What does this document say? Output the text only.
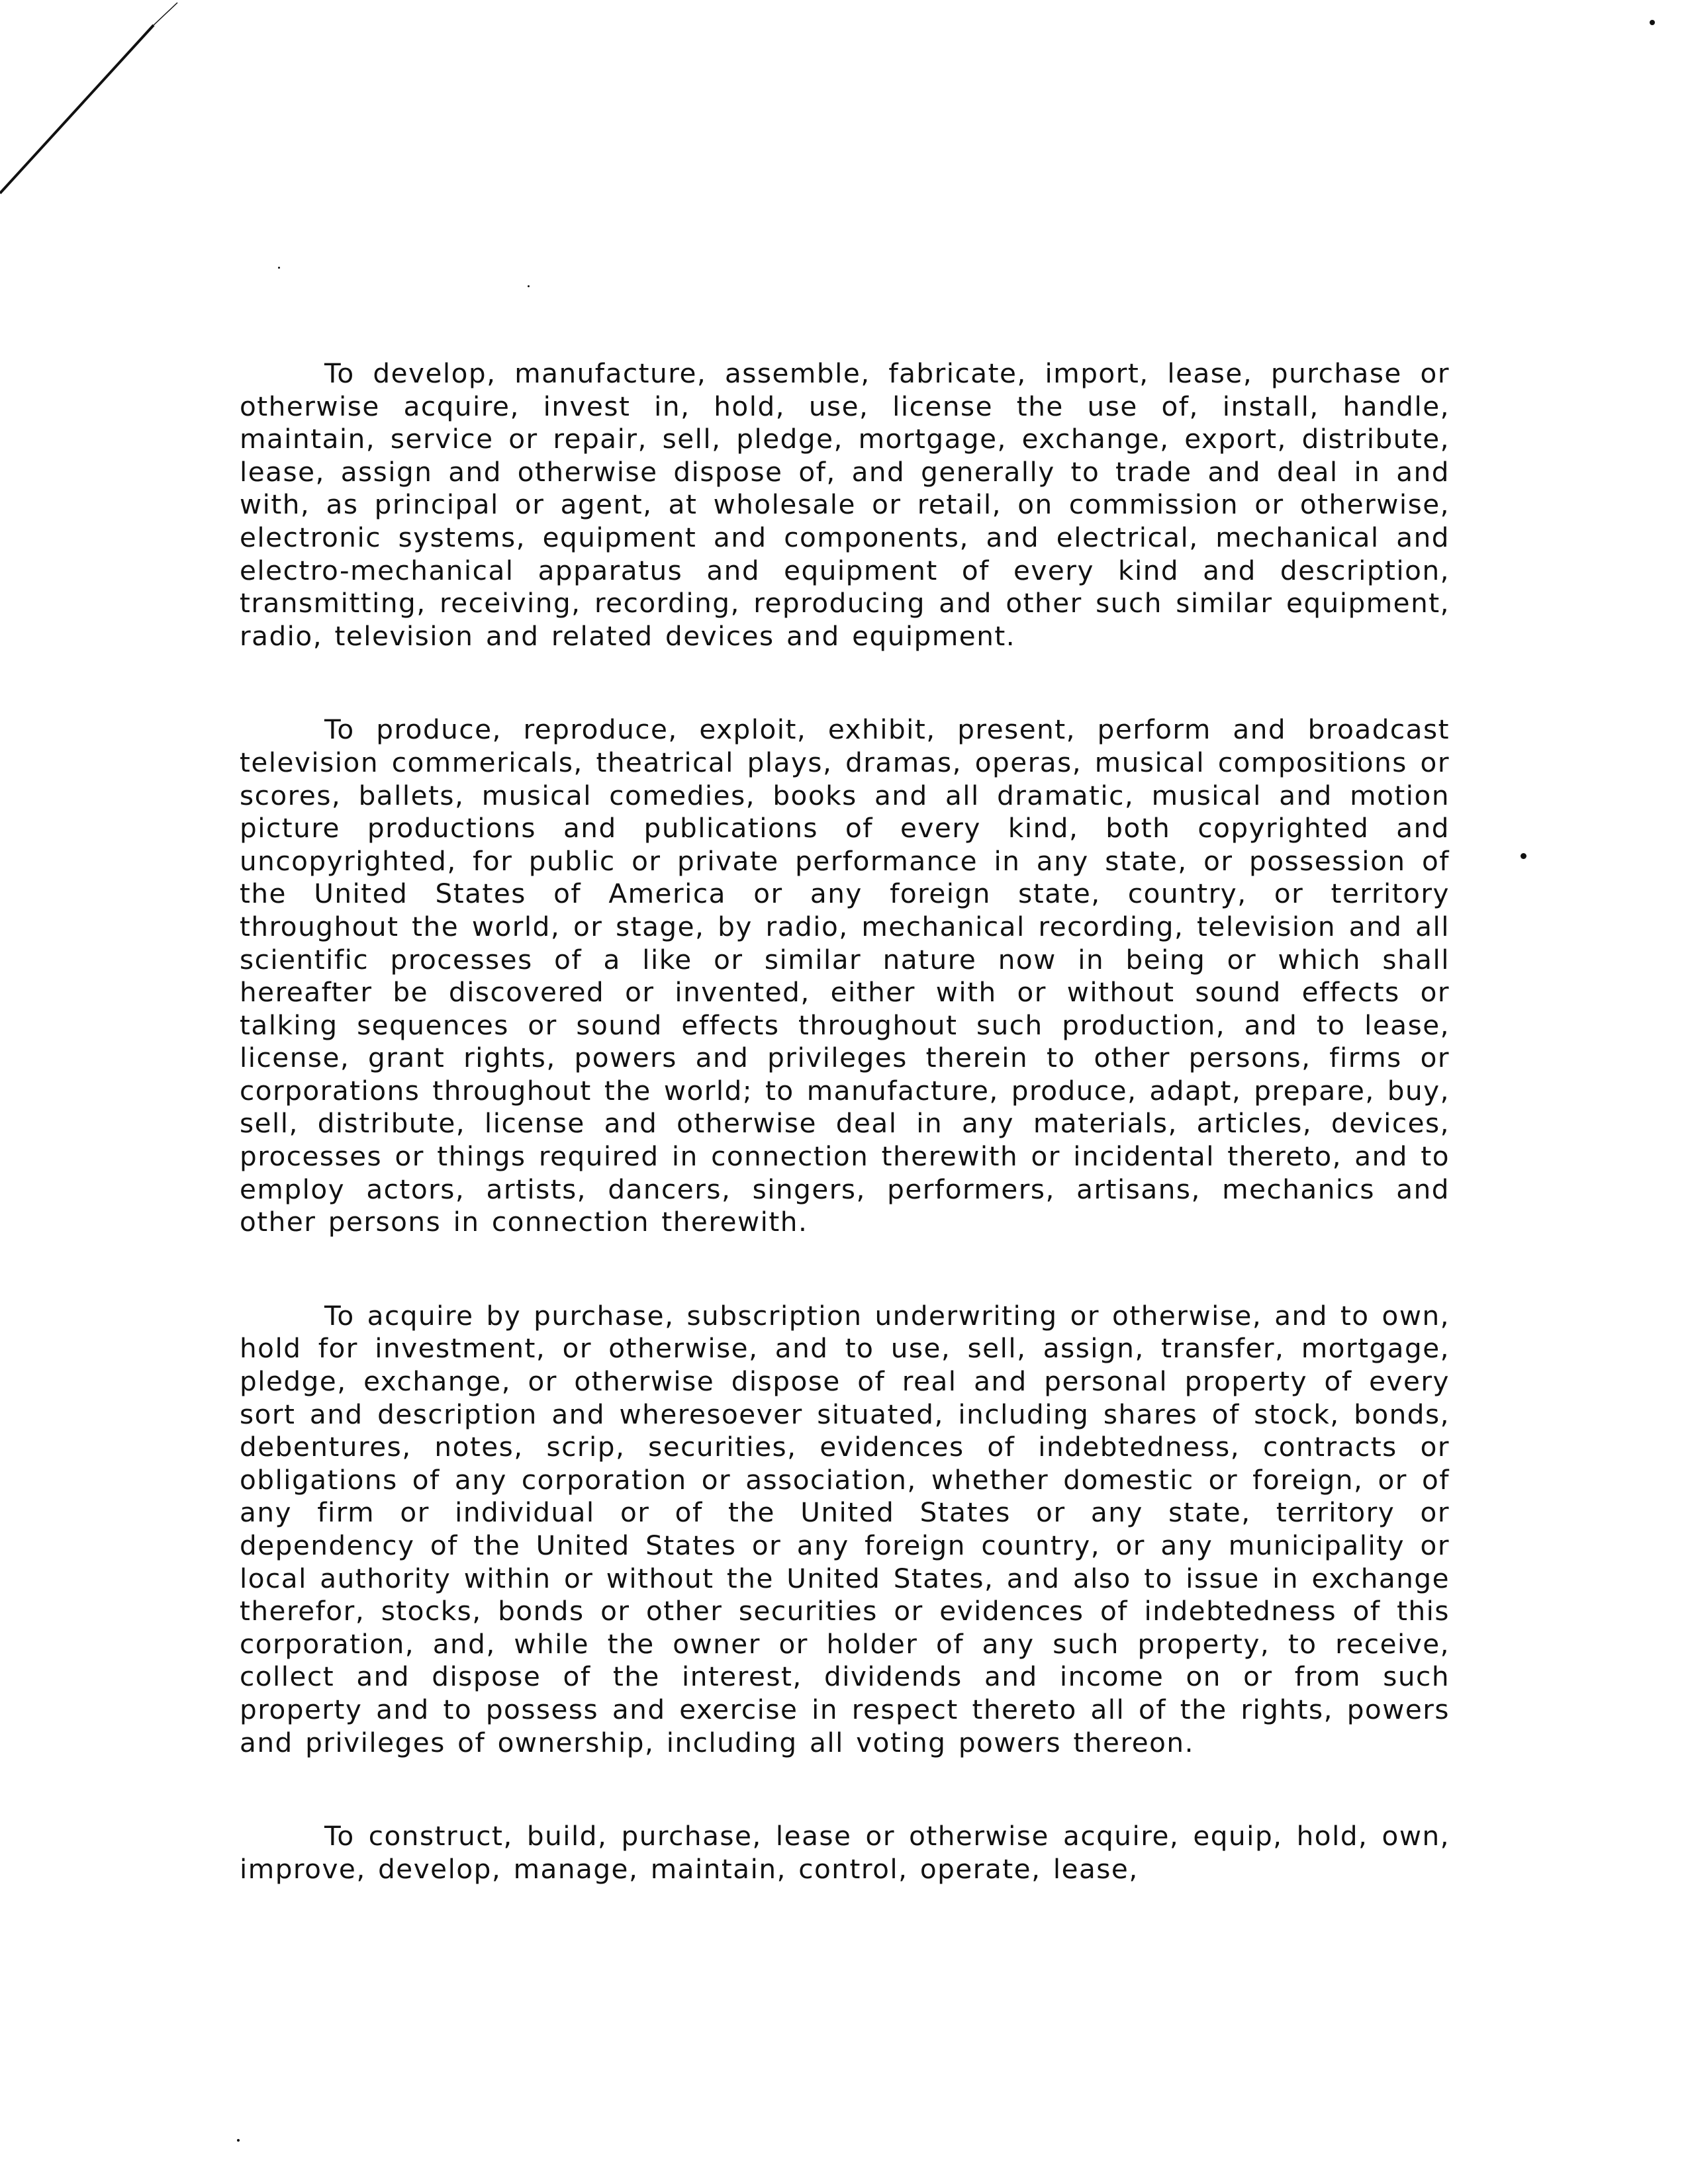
To develop, manufacture, assemble, fabricate, import, lease, purchase or otherwise acquire, invest in, hold, use, license the use of, install, handle, maintain, service or repair, sell, pledge, mortgage, exchange, export, distribute, lease, assign and otherwise dispose of, and generally to trade and deal in and with, as principal or agent, at wholesale or retail, on commission or otherwise, electronic systems, equipment and components, and electrical, mechanical and electro-mechanical apparatus and equipment of every kind and description, transmitting, receiving, recording, reproducing and other such similar equipment, radio, television and related devices and equipment.

To produce, reproduce, exploit, exhibit, present, perform and broadcast television commericals, theatrical plays, dramas, operas, musical compositions or scores, ballets, musical comedies, books and all dramatic, musical and motion picture productions and publications of every kind, both copyrighted and uncopyrighted, for public or private performance in any state, or possession of the United States of America or any foreign state, country, or territory throughout the world, or stage, by radio, mechanical recording, television and all scientific processes of a like or similar nature now in being or which shall hereafter be discovered or invented, either with or without sound effects or talking sequences or sound effects throughout such production, and to lease, license, grant rights, powers and privileges therein to other persons, firms or corporations throughout the world; to manufacture, produce, adapt, prepare, buy, sell, distribute, license and otherwise deal in any materials, articles, devices, processes or things required in connection therewith or incidental thereto, and to employ actors, artists, dancers, singers, performers, artisans, mechanics and other persons in connection therewith.

To acquire by purchase, subscription underwriting or otherwise, and to own, hold for investment, or otherwise, and to use, sell, assign, transfer, mortgage, pledge, exchange, or otherwise dispose of real and personal property of every sort and description and wheresoever situated, including shares of stock, bonds, debentures, notes, scrip, securities, evidences of indebtedness, contracts or obligations of any corporation or association, whether domestic or foreign, or of any firm or individual or of the United States or any state, territory or dependency of the United States or any foreign country, or any municipality or local authority within or without the United States, and also to issue in exchange therefor, stocks, bonds or other securities or evidences of indebtedness of this corporation, and, while the owner or holder of any such property, to receive, collect and dispose of the interest, dividends and income on or from such property and to possess and exercise in respect thereto all of the rights, powers and privileges of ownership, including all voting powers thereon.

To construct, build, purchase, lease or otherwise acquire, equip, hold, own, improve, develop, manage, maintain, control, operate, lease,
